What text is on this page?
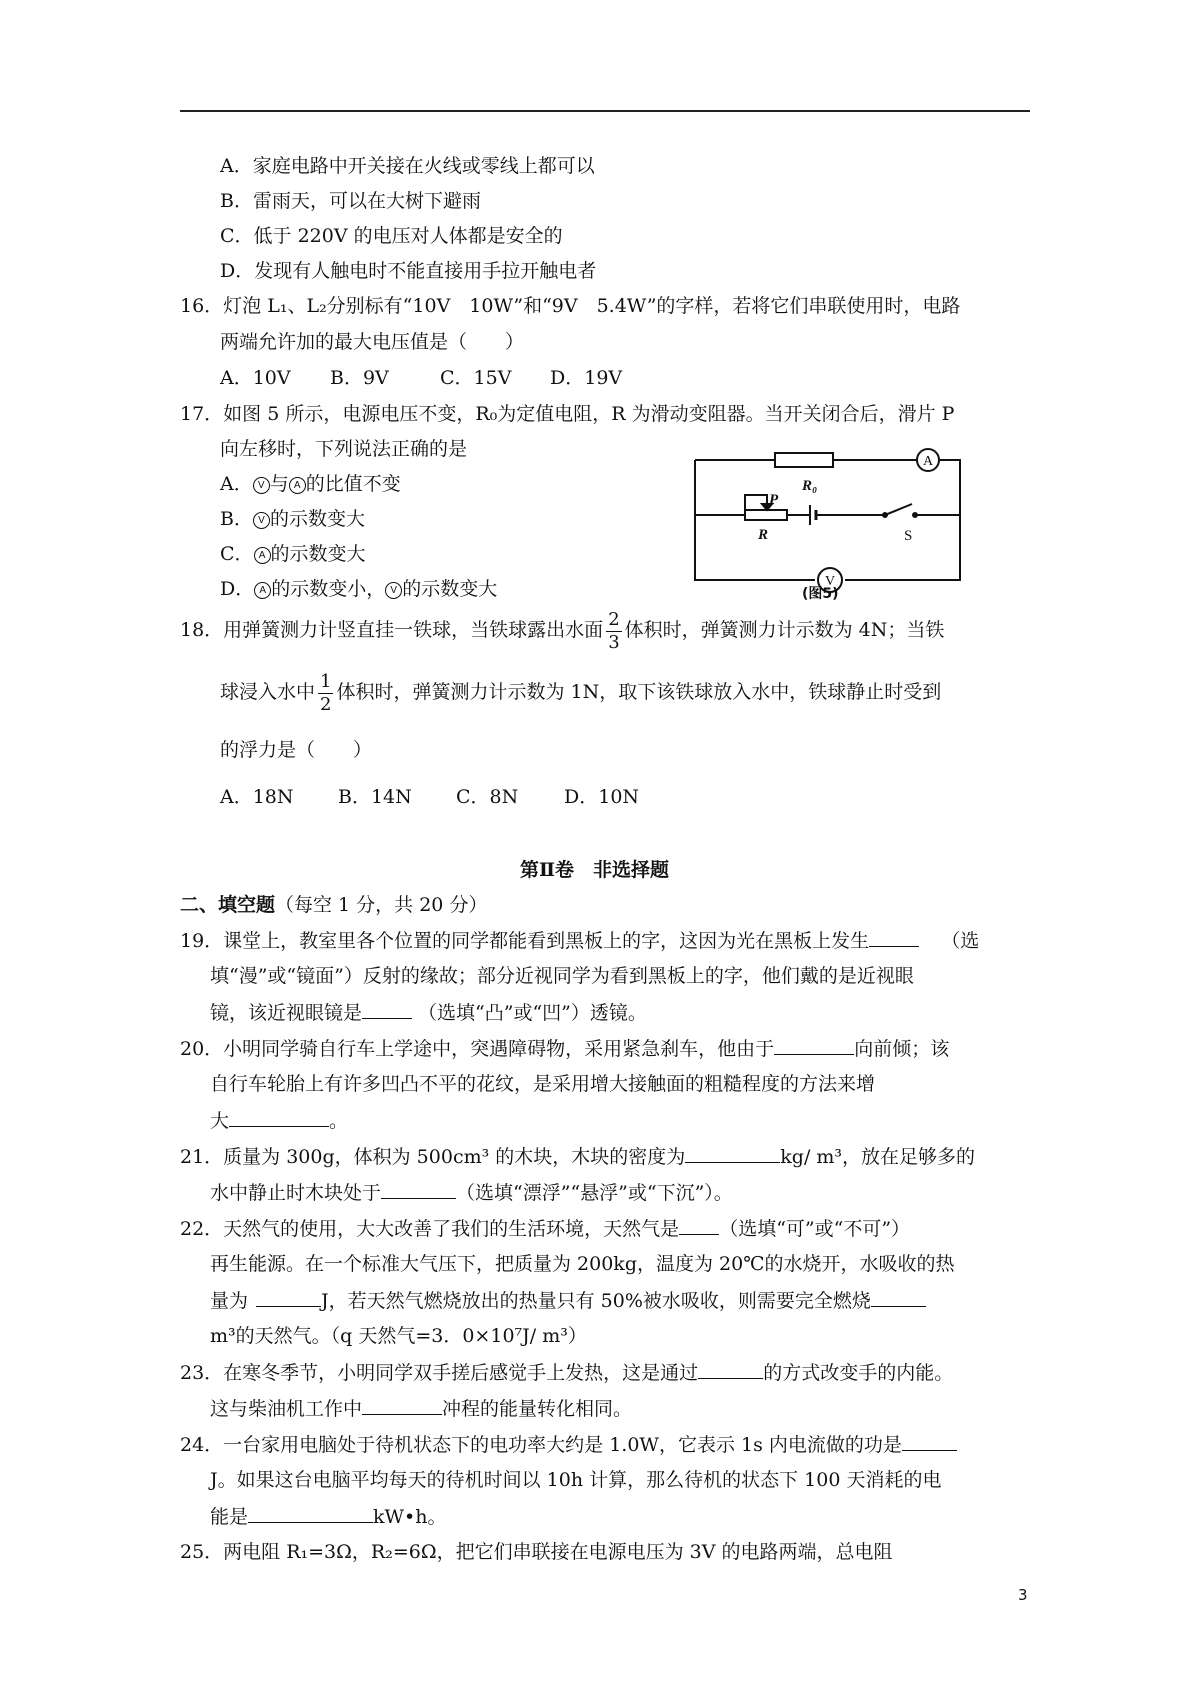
A．家庭电路中开关接在火线或零线上都可以
B．雷雨天，可以在大树下避雨
C．低于 220V 的电压对人体都是安全的
D．发现有人触电时不能直接用手拉开触电者
16．灯泡 L₁、L₂分别标有“10V　10W”和“9V　5.4W”的字样，若将它们串联使用时，电路
两端允许加的最大电压值是（　　）
A．10V B．9V	C．15V D．19V
17．如图 5 所示，电源电压不变，R₀为定值电阻，R 为滑动变阻器。当开关闭合后，滑片 P
向左移时，下列说法正确的是
A． V 与 A 的比值不变
B． V 的示数变大
C． A 的示数变大
D． A 的示数变小， V 的示数变大
A
R₀
P
R	S
V
(图5)
18．用弹簧测力计竖直挂一铁球，当铁球露出水面 $\frac{2}{3}$ 体积时，弹簧测力计示数为 4N；当铁
球浸入水中 $\frac{1}{2}$ 体积时，弹簧测力计示数为 1N，取下该铁球放入水中，铁球静止时受到
的浮力是（　　）
A．18N B．14N C．8N D．10N
第Ⅱ卷　非选择题
二、填空题（每空 1 分，共 20 分）
19．课堂上，教室里各个位置的同学都能看到黑板上的字，这因为光在黑板上发生	（选
填“漫”或“镜面”）反射的缘故；部分近视同学为看到黑板上的字，他们戴的是近视眼
镜，该近视眼镜是	（选填“凸”或“凹”）透镜。
20．小明同学骑自行车上学途中，突遇障碍物，采用紧急刹车，他由于	向前倾；该
自行车轮胎上有许多凹凸不平的花纹，是采用增大接触面的粗糙程度的方法来增
大	。
21．质量为 300g，体积为 500cm³ 的木块，木块的密度为	kg/ m³，放在足够多的
水中静止时木块处于	（选填“漂浮”“悬浮”或“下沉”）。
22．天然气的使用，大大改善了我们的生活环境，天然气是 （选填“可”或“不可”）
再生能源。在一个标准大气压下，把质量为 200kg，温度为 20℃的水烧开，水吸收的热
量为	J，若天然气燃烧放出的热量只有 50%被水吸收，则需要完全燃烧
m³的天然气。（q 天然气=3．0×10⁷J/ m³）
23．在寒冬季节，小明同学双手搓后感觉手上发热，这是通过	的方式改变手的内能。
这与柴油机工作中	冲程的能量转化相同。
24．一台家用电脑处于待机状态下的电功率大约是 1.0W，它表示 1s 内电流做的功是
J。如果这台电脑平均每天的待机时间以 10h 计算，那么待机的状态下 100 天消耗的电
能是	kW•h。
25．两电阻 R₁=3Ω，R₂=6Ω，把它们串联接在电源电压为 3V 的电路两端，总电阻
3
